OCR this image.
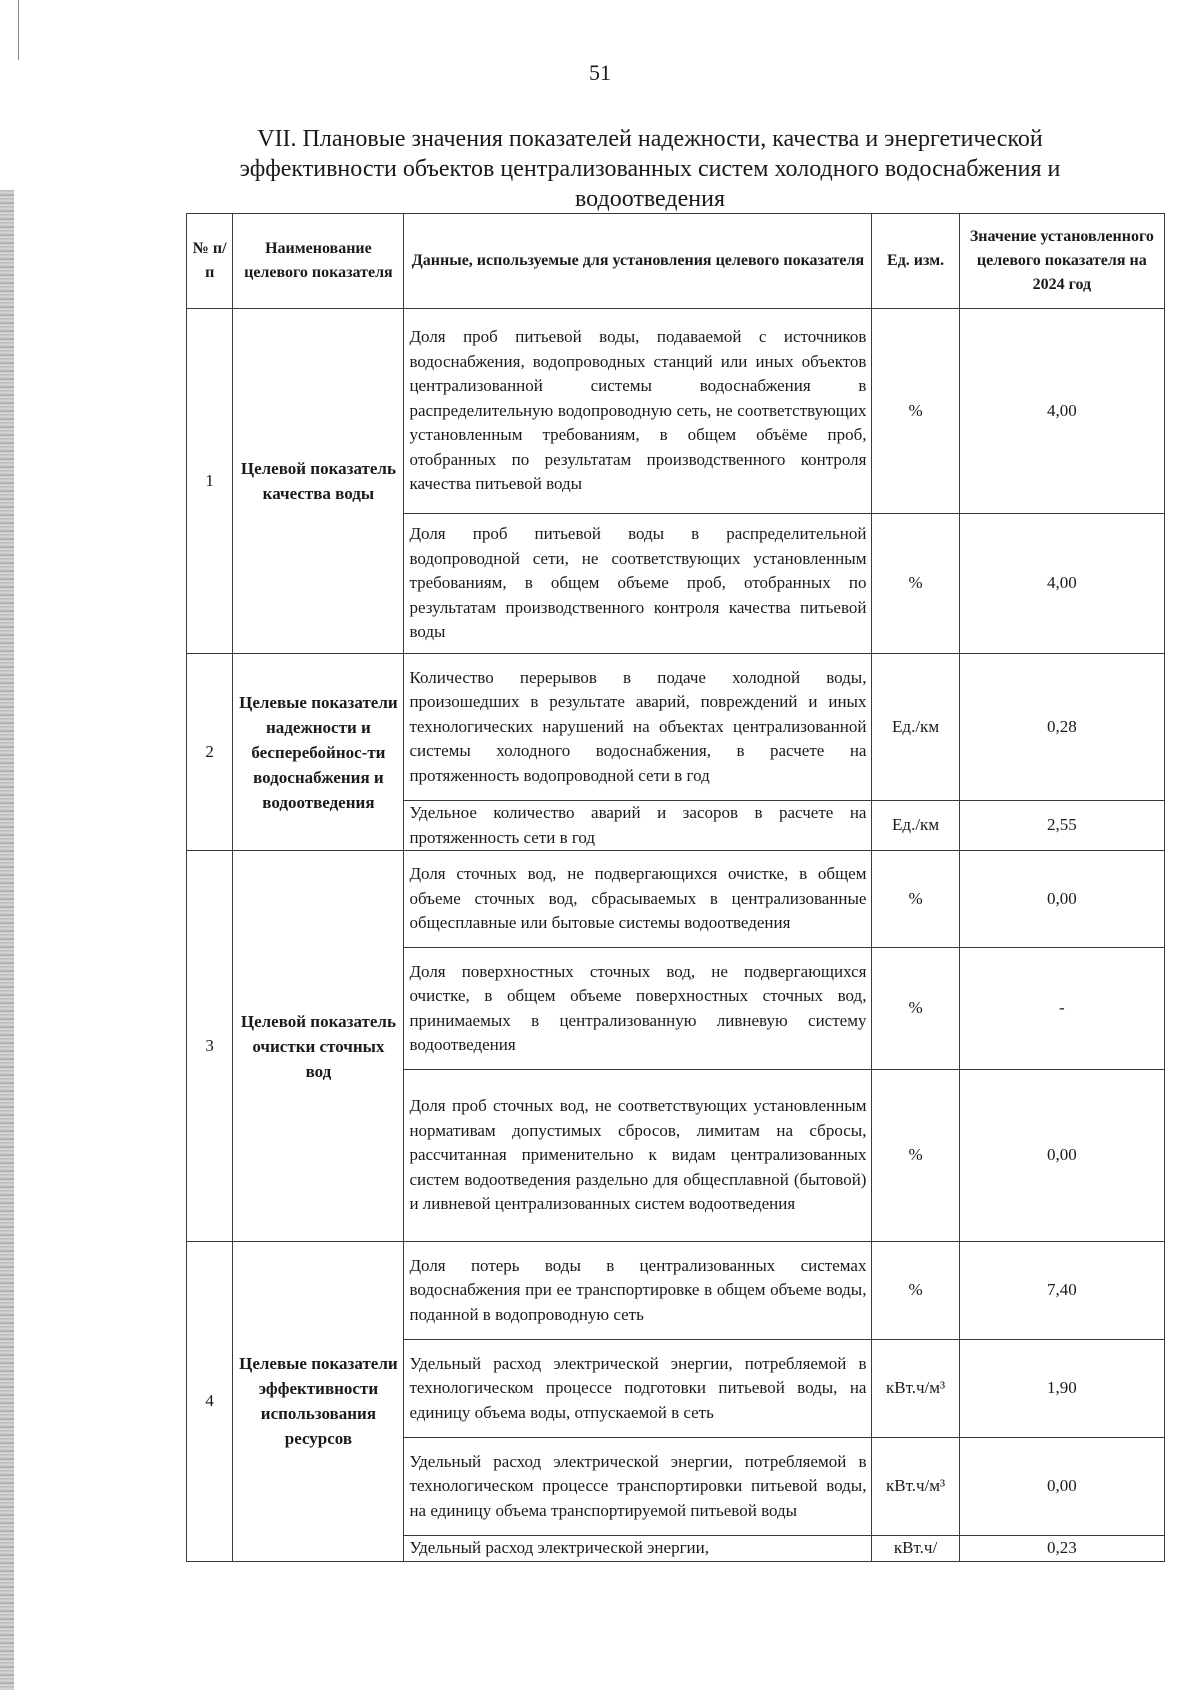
51
VII. Плановые значения показателей надежности, качества и энергетической эффективности объектов централизованных систем холодного водоснабжения и водоотведения
№ п/п	Наименование целевого показателя	Данные, используемые для установления целевого показателя	Ед. изм.	Значение установленного целевого показателя на 2024 год
1	Целевой показатель качества воды	Доля проб питьевой воды, подаваемой с источников водоснабжения, водопроводных станций или иных объектов централизованной системы водоснабжения в распределительную водопроводную сеть, не соответствующих установленным требованиям, в общем объёме проб, отобранных по результатам производственного контроля качества питьевой воды	%	4,00
		Доля проб питьевой воды в распределительной водопроводной сети, не соответствующих установленным требованиям, в общем объеме проб, отобранных по результатам производственного контроля качества питьевой воды	%	4,00
2	Целевые показатели надежности и бесперебойнос-ти водоснабжения и водоотведения	Количество перерывов в подаче холодной воды, произошедших в результате аварий, повреждений и иных технологических нарушений на объектах централизованной системы холодного водоснабжения, в расчете на протяженность водопроводной сети в год	Ед./км	0,28
		Удельное количество аварий и засоров в расчете на протяженность сети в год	Ед./км	2,55
3	Целевой показатель очистки сточных вод	Доля сточных вод, не подвергающихся очистке, в общем объеме сточных вод, сбрасываемых в централизованные общесплавные или бытовые системы водоотведения	%	0,00
		Доля поверхностных сточных вод, не подвергающихся очистке, в общем объеме поверхностных сточных вод, принимаемых в централизованную ливневую систему водоотведения	%	-
		Доля проб сточных вод, не соответствующих установленным нормативам допустимых сбросов, лимитам на сбросы, рассчитанная применительно к видам централизованных систем водоотведения раздельно для общесплавной (бытовой) и ливневой централизованных систем водоотведения	%	0,00
4	Целевые показатели эффективности использования ресурсов	Доля потерь воды в централизованных системах водоснабжения при ее транспортировке в общем объеме воды, поданной в водопроводную сеть	%	7,40
		Удельный расход электрической энергии, потребляемой в технологическом процессе подготовки питьевой воды, на единицу объема воды, отпускаемой в сеть	кВт.ч/м³	1,90
		Удельный расход электрической энергии, потребляемой в технологическом процессе транспортировки питьевой воды, на единицу объема транспортируемой питьевой воды	кВт.ч/м³	0,00
		Удельный расход электрической энергии,	кВт.ч/	0,23
